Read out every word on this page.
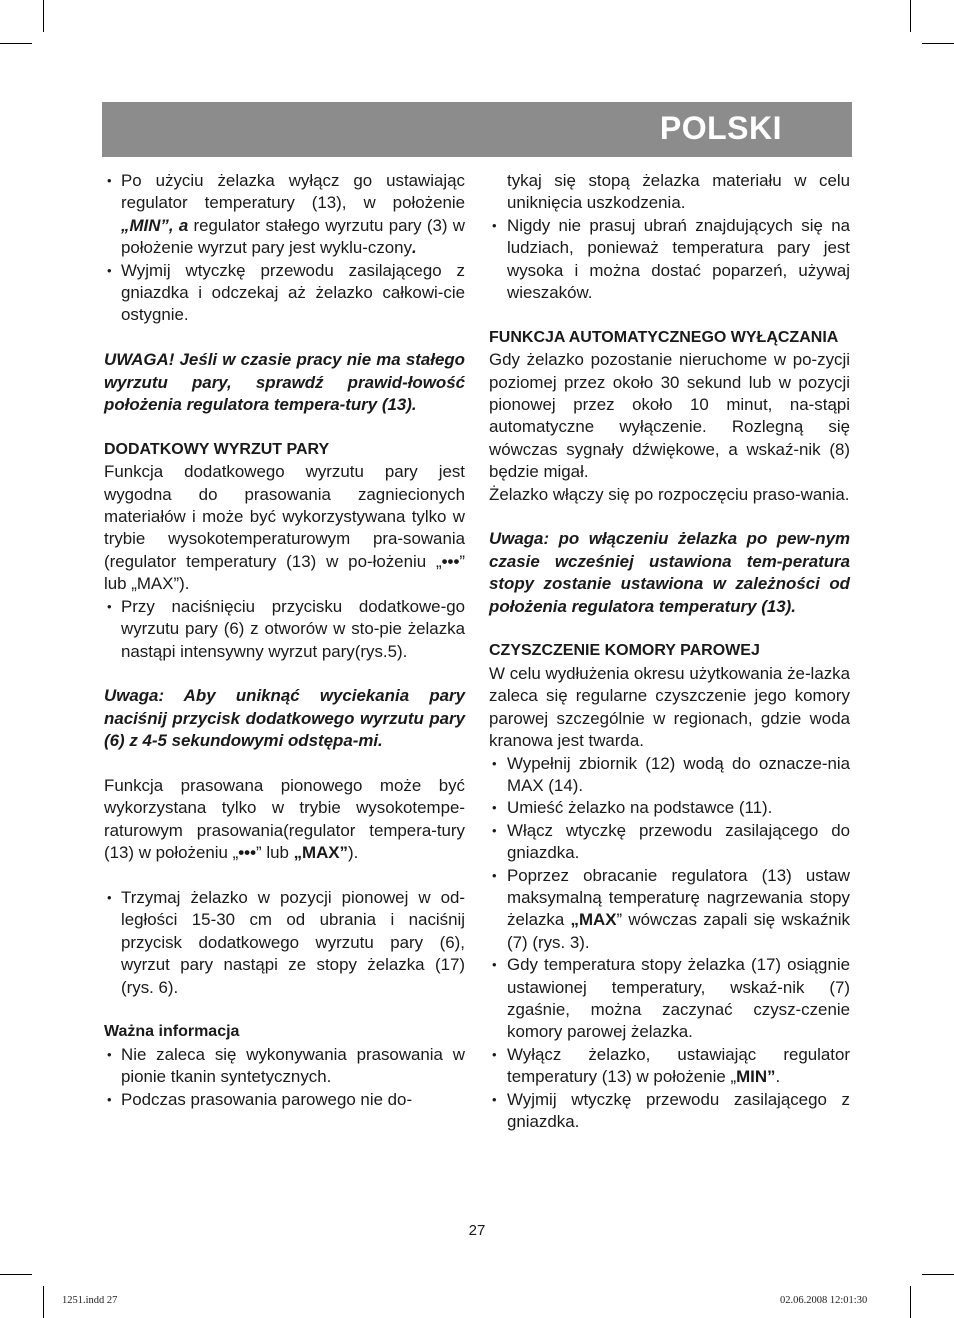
POLSKI
• Po użyciu żelazka wyłącz go ustawiając regulator temperatury (13), w położenie „MIN”, a regulator stałego wyrzutu pary (3) w położenie wyrzut pary jest wyklu-czony.
• Wyjmij wtyczkę przewodu zasilającego z gniazdka i odczekaj aż żelazko całkowi-cie ostygnie.

UWAGA! Jeśli w czasie pracy nie ma stałego wyrzutu pary, sprawdź prawid-łowość położenia regulatora tempera-tury (13).

DODATKOWY WYRZUT PARY

Funkcja dodatkowego wyrzutu pary jest wygodna do prasowania zagniecionych materiałów i może być wykorzystywana tylko w trybie wysokotemperaturowym pra-sowania (regulator temperatury (13) w po-łożeniu „•••” lub „MAX”).

• Przy naciśnięciu przycisku dodatkowe-go wyrzutu pary (6) z otworów w sto-pie żelazka nastąpi intensywny wyrzut pary(rys.5).

Uwaga: Aby uniknąć wyciekania pary naciśnij przycisk dodatkowego wyrzutu pary (6) z 4-5 sekundowymi odstępa-mi.

Funkcja prasowana pionowego może być wykorzystana tylko w trybie wysokotempe-raturowym prasowania(regulator tempera-tury (13) w położeniu „•••” lub „MAX”).

• Trzymaj żelazko w pozycji pionowej w od-ległości 15-30 cm od ubrania i naciśnij przycisk dodatkowego wyrzutu pary (6), wyrzut pary nastąpi ze stopy żelazka (17) (rys. 6).

Ważna informacja

• Nie zaleca się wykonywania prasowania w pionie tkanin syntetycznych.
• Podczas prasowania parowego nie do-
tykaj się stopą żelazka materiału w celu uniknięcia uszkodzenia.
• Nigdy nie prasuj ubrań znajdujących się na ludziach, ponieważ temperatura pary jest wysoka i można dostać poparzeń, używaj wieszaków.

FUNKCJA AUTOMATYCZNEGO WYŁĄCZANIA

Gdy żelazko pozostanie nieruchome w po-zycji poziomej przez około 30 sekund lub w pozycji pionowej przez około 10 minut, na-stąpi automatyczne wyłączenie. Rozlegną się wówczas sygnały dźwiękowe, a wskaź-nik (8) będzie migał.

Żelazko włączy się po rozpoczęciu praso-wania.

Uwaga: po włączeniu żelazka po pew-nym czasie wcześniej ustawiona tem-peratura stopy zostanie ustawiona w zależności od położenia regulatora temperatury (13).

CZYSZCZENIE KOMORY PAROWEJ

W celu wydłużenia okresu użytkowania że-lazka zaleca się regularne czyszczenie jego komory parowej szczególnie w regionach, gdzie woda kranowa jest twarda.

• Wypełnij zbiornik (12) wodą do oznacze-nia MAX (14).
• Umieść żelazko na podstawce (11).
• Włącz wtyczkę przewodu zasilającego do gniazdka.
• Poprzez obracanie regulatora (13) ustaw maksymalną temperaturę nagrzewania stopy żelazka „MAX” wówczas zapali się wskaźnik (7) (rys. 3).
• Gdy temperatura stopy żelazka (17) osiągnie ustawionej temperatury, wskaź-nik (7) zgaśnie, można zaczynać czysz-czenie komory parowej żelazka.
• Wyłącz żelazko, ustawiając regulator temperatury (13) w położenie „MIN”.
• Wyjmij wtyczkę przewodu zasilającego z gniazdka.
27
1251.indd 27	02.06.2008 12:01:30
